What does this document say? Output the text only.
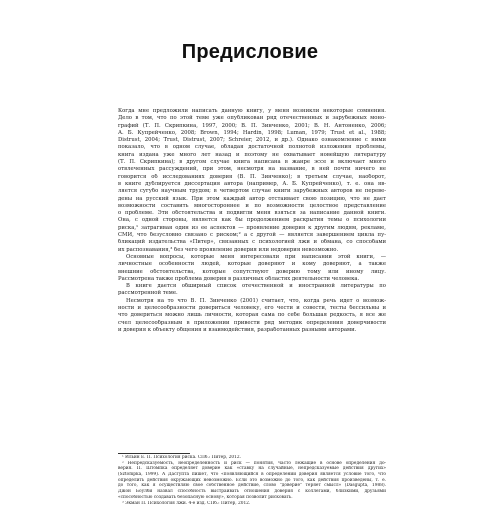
Предисловие
Когда мне предложили написать данную книгу, у меня возникли некоторые сомнения.
Дело в том, что по этой теме уже опубликован ряд отечественных и зарубежных моно-
графий (Т. П. Скрипкина, 1997, 2000; В. П. Зинченко, 2001; В. Н. Антоненко, 2006;
А. Б. Купрейченко, 2008; Brown, 1994; Hardin, 1998; Luman, 1979; Trust et al., 1988;
Distrust, 2004; Trust, Distrust, 2007; Schreier, 2012, и др.). Однако ознакомление с ними
показало, что в одном случае, обладая достаточной полнотой изложения проблемы,
книга издана уже много лет назад и поэтому не охватывает новейшую литературу
(Т. П. Скрипкина); в другом случае книга написана в жанре эссе и включает много
отвлеченных рассуждений, при этом, несмотря на название, в ней почти ничего не
говорится об исследованиях доверия (В. П. Зинченко); в третьем случае, наоборот,
в книге дублируется диссертация автора (например, А. Б. Купрейченко), т. е. она яв-
ляется сугубо научным трудом; в четвертом случае книги зарубежных авторов не переве-
дены на русский язык. При этом каждый автор отстаивает свою позицию, что не дает
возможности составить многостороннее и по возможности целостное представление
о проблеме. Эти обстоятельства и подвигли меня взяться за написание данной книги.
Она, с одной стороны, является как бы продолжением раскрытия темы о психологии
риска,¹ затрагивая один из ее аспектов — проявление доверия к другим людям, рекламе,
СМИ, что безусловно связано с риском;² а с другой — является завершением цикла пу-
бликаций издательства «Питер», связанных с психологией лжи и обмана, со способами
их распознавания,³ без чего проявление доверия или недоверия невозможно.
Основные вопросы, которые меня интересовали при написании этой книги, —
личностные особенности людей, которые доверяют и кому доверяют, а также
внешние обстоятельства, которые сопутствуют доверию тому или иному лицу.
Рассмотрена также проблема доверия в различных областях деятельности человека.
В книге дается обширный список отечественной и иностранной литературы по
рассмотренной теме.
Несмотря на то что В. П. Зинченко (2001) считает, что, когда речь идет о возмож-
ности и целесообразности довериться человеку, его чести и совести, тесты бессильны и
что довериться можно лишь личности, которая сама по себе большая редкость, я все же
счел целесообразным в приложении привести ряд методик определения доверчивости
и доверия к объекту общения и взаимодействия, разработанных разными авторами.
¹ Ильин Е. П. Психология риска. СПб.: Питер, 2012.
² Непредсказуемость, неопределенность и риск — понятия, часто лежащие в основе определения до-
верия. П. Штомпка определяет доверие как «ставку на случайные, непредсказуемые действия других»
(Sztompka, 1999). А Дасгупта пишет, что «появляющийся в определении доверия является условие того, что
определить действия окружающих невозможно. Если это возможно до того, как действия произведены, т. е.
до того, как я осуществляю свое собственное действие, слово "доверие" теряет смысл» (Dasgupta, 1988).
Джон Боулби назвал способность выстраивать отношения доверия с коллегами, близкими, друзьями
«способностью создавать безопасную основу», которая позволит рисковать.
³ Экман П. Психология лжи. 4-е изд. СПб.: Питер, 2012.
